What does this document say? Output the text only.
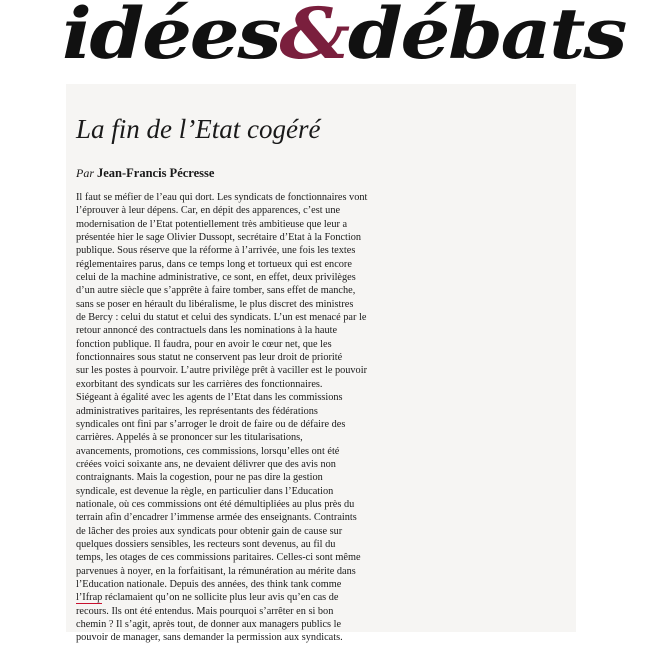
idées&débats
La fin de l’Etat cogéré
Par Jean-Francis Pécresse
Il faut se méfier de l’eau qui dort. Les syndicats de fonctionnaires vont
l’éprouver à leur dépens. Car, en dépit des apparences, c’est une
modernisation de l’Etat potentiellement très ambitieuse que leur a
présentée hier le sage Olivier Dussopt, secrétaire d’Etat à la Fonction
publique. Sous réserve que la réforme à l’arrivée, une fois les textes
réglementaires parus, dans ce temps long et tortueux qui est encore
celui de la machine administrative, ce sont, en effet, deux privilèges
d’un autre siècle que s’apprête à faire tomber, sans effet de manche,
sans se poser en hérault du libéralisme, le plus discret des ministres
de Bercy : celui du statut et celui des syndicats. L’un est menacé par le
retour annoncé des contractuels dans les nominations à la haute
fonction publique. Il faudra, pour en avoir le cœur net, que les
fonctionnaires sous statut ne conservent pas leur droit de priorité
sur les postes à pourvoir. L’autre privilège prêt à vaciller est le pouvoir
exorbitant des syndicats sur les carrières des fonctionnaires.
Siégeant à égalité avec les agents de l’Etat dans les commissions
administratives paritaires, les représentants des fédérations
syndicales ont fini par s’arroger le droit de faire ou de défaire des
carrières. Appelés à se prononcer sur les titularisations,
avancements, promotions, ces commissions, lorsqu’elles ont été
créées voici soixante ans, ne devaient délivrer que des avis non
contraignants. Mais la cogestion, pour ne pas dire la gestion
syndicale, est devenue la règle, en particulier dans l’Education
nationale, où ces commissions ont été démultipliées au plus près du
terrain afin d’encadrer l’immense armée des enseignants. Contraints
de lâcher des proies aux syndicats pour obtenir gain de cause sur
quelques dossiers sensibles, les recteurs sont devenus, au fil du
temps, les otages de ces commissions paritaires. Celles-ci sont même
parvenues à noyer, en la forfaitisant, la rémunération au mérite dans
l’Education nationale. Depuis des années, des think tank comme
l’Ifrap réclamaient qu’on ne sollicite plus leur avis qu’en cas de
recours. Ils ont été entendus. Mais pourquoi s’arrêter en si bon
chemin ? Il s’agit, après tout, de donner aux managers publics le
pouvoir de manager, sans demander la permission aux syndicats.
